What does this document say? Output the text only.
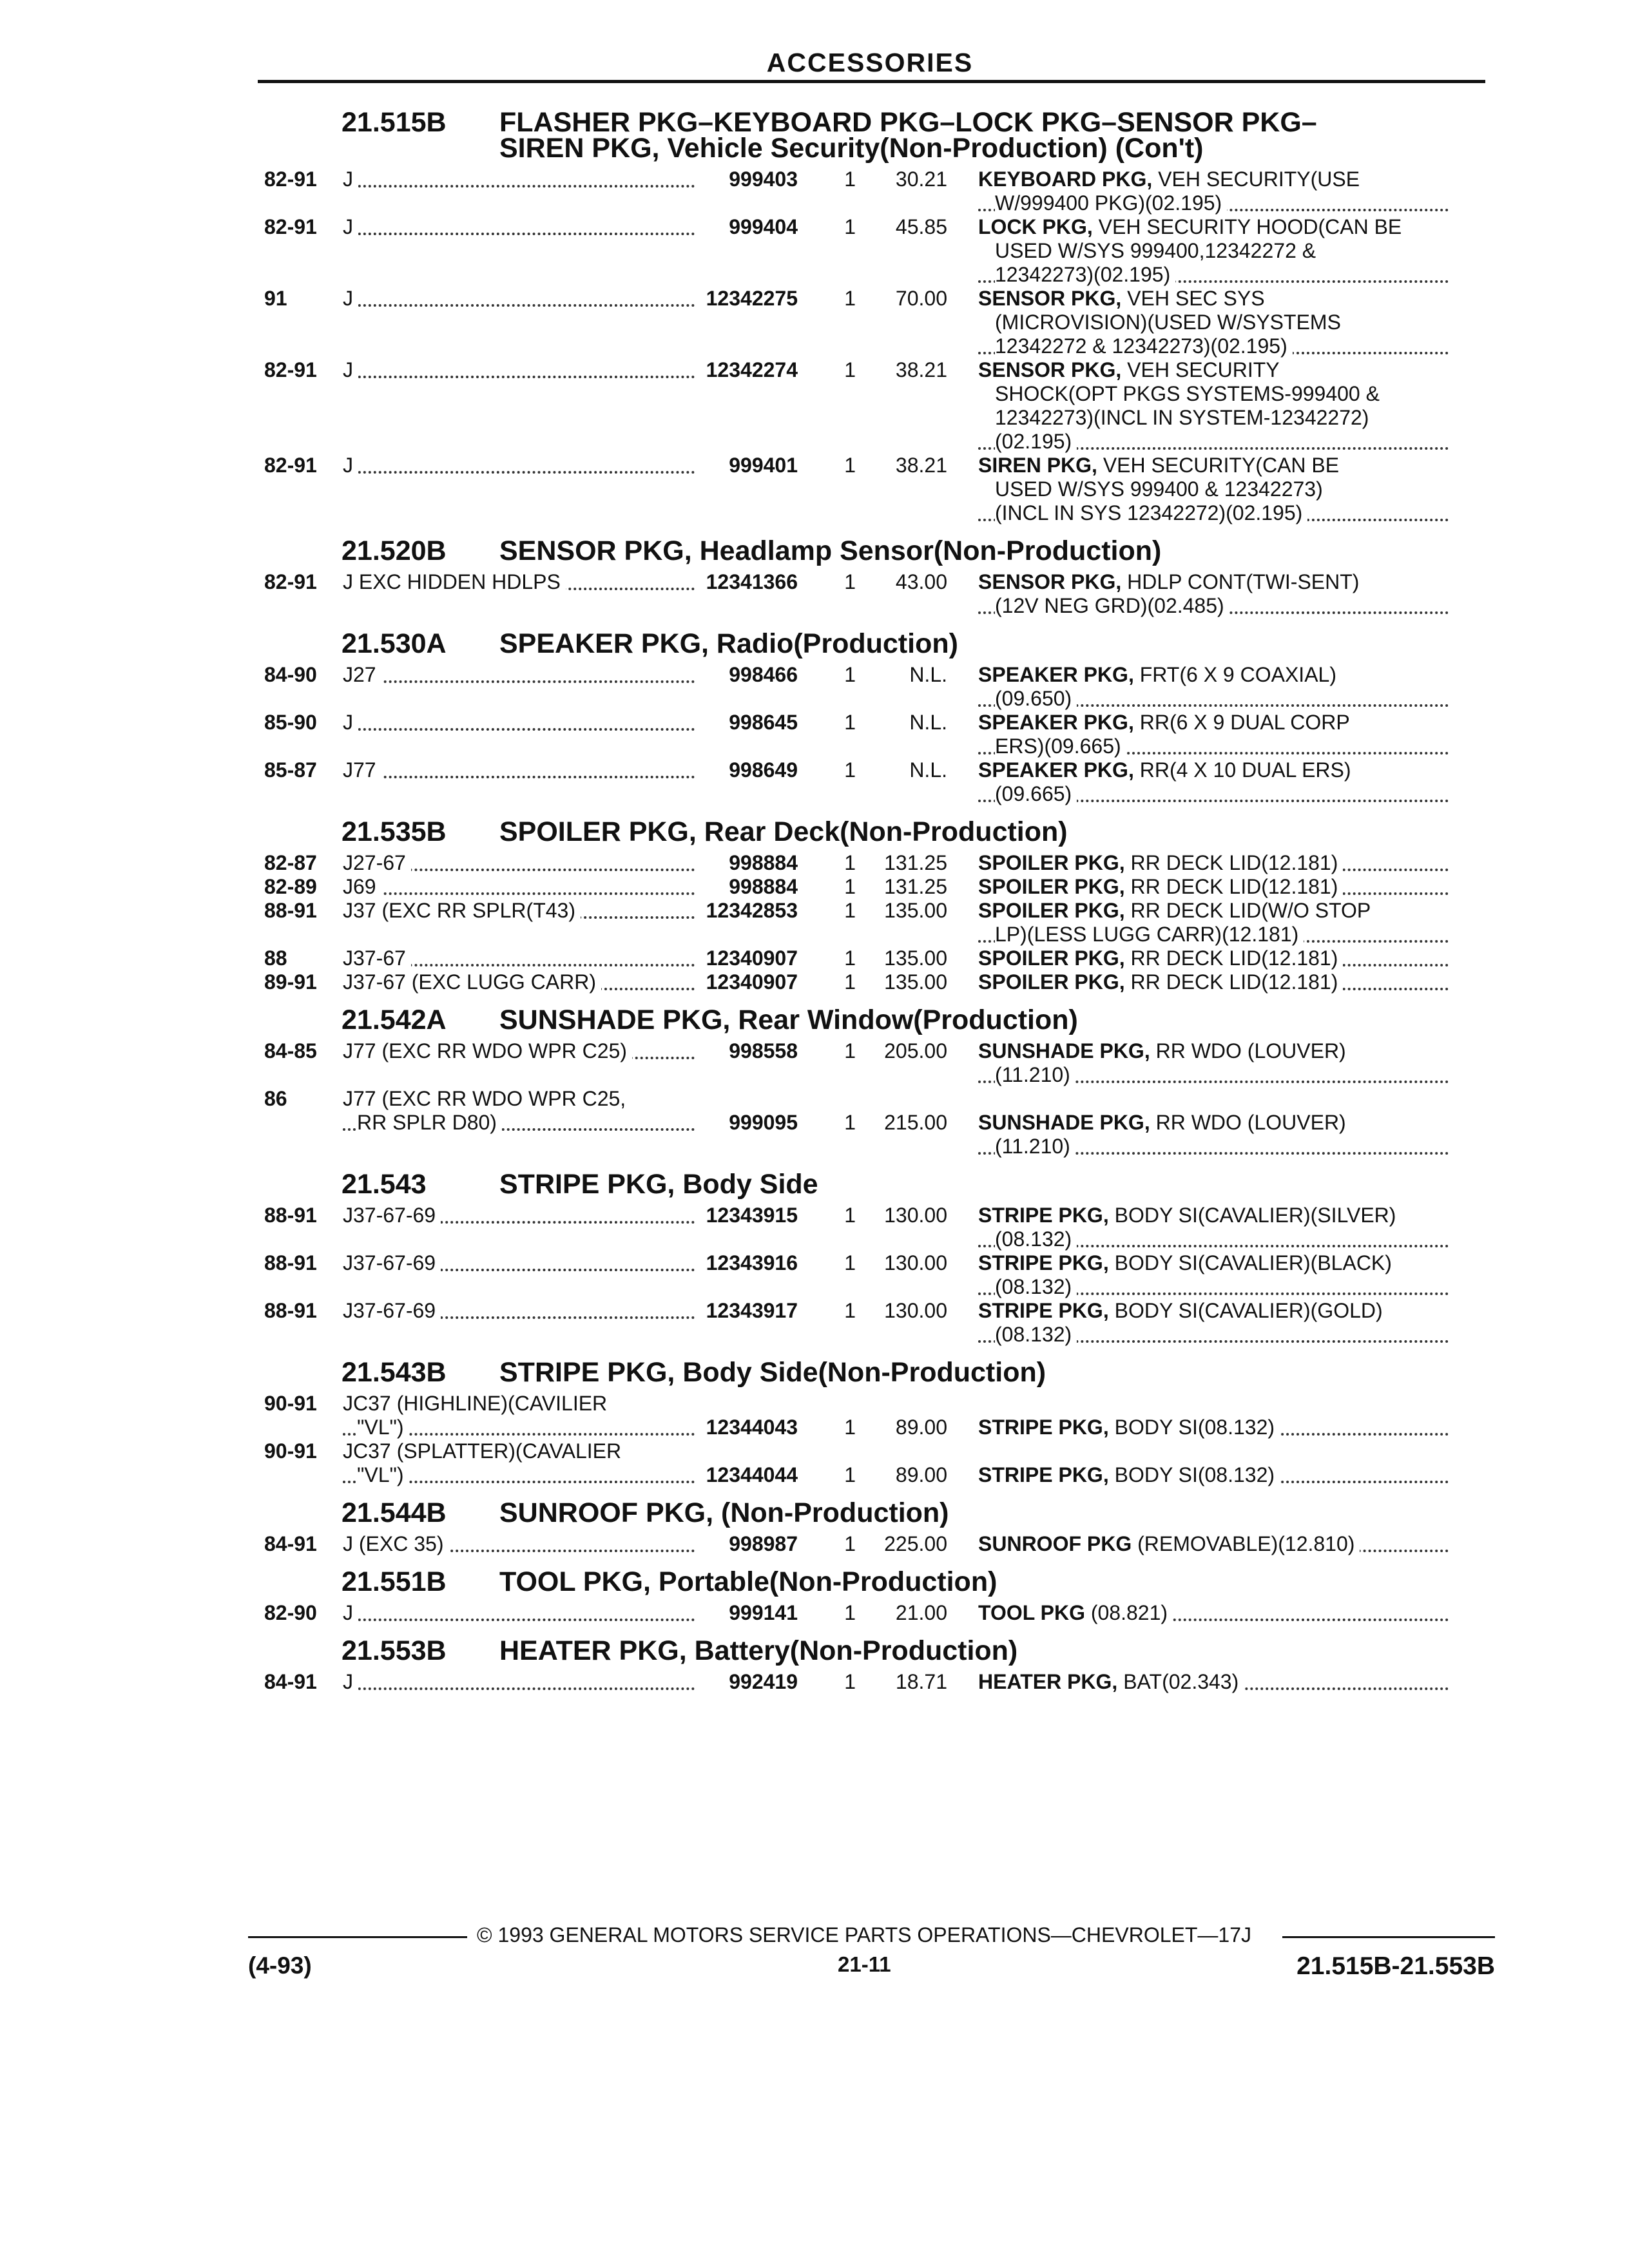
ACCESSORIES
21.515B	FLASHER PKG–KEYBOARD PKG–LOCK PKG–SENSOR PKG–
SIREN PKG, Vehicle Security(Non-Production) (Con't)
82-91	J	999403	1	30.21 KEYBOARD PKG, VEH SECURITY(USE
W/999400 PKG)(02.195)
82-91	J	999404	1	45.85 LOCK PKG, VEH SECURITY HOOD(CAN BE
USED W/SYS 999400,12342272 &
12342273)(02.195)
91	J	12342275	1	70.00 SENSOR PKG, VEH SEC SYS
(MICROVISION)(USED W/SYSTEMS
12342272 & 12342273)(02.195)
82-91	J	12342274	1	38.21 SENSOR PKG, VEH SECURITY
SHOCK(OPT PKGS SYSTEMS-999400 &
12342273)(INCL IN SYSTEM-12342272)
(02.195)
82-91	J	999401	1	38.21 SIREN PKG, VEH SECURITY(CAN BE
USED W/SYS 999400 & 12342273)
(INCL IN SYS 12342272)(02.195)
21.520B	SENSOR PKG, Headlamp Sensor(Non-Production)
82-91	J EXC HIDDEN HDLPS	12341366	1	43.00 SENSOR PKG, HDLP CONT(TWI-SENT)
(12V NEG GRD)(02.485)
21.530A	SPEAKER PKG, Radio(Production)
84-90	J27	998466	1	N.L. SPEAKER PKG, FRT(6 X 9 COAXIAL)
(09.650)
85-90	J	998645	1	N.L. SPEAKER PKG, RR(6 X 9 DUAL CORP
ERS)(09.665)
85-87	J77	998649	1	N.L. SPEAKER PKG, RR(4 X 10 DUAL ERS)
(09.665)
21.535B	SPOILER PKG, Rear Deck(Non-Production)
82-87	J27-67	998884	1	131.25 SPOILER PKG, RR DECK LID(12.181)
82-89	J69	998884	1	131.25 SPOILER PKG, RR DECK LID(12.181)
88-91	J37 (EXC RR SPLR(T43)	12342853	1	135.00 SPOILER PKG, RR DECK LID(W/O STOP
LP)(LESS LUGG CARR)(12.181)
88	J37-67	12340907	1	135.00 SPOILER PKG, RR DECK LID(12.181)
89-91	J37-67 (EXC LUGG CARR)	12340907	1	135.00 SPOILER PKG, RR DECK LID(12.181)
21.542A	SUNSHADE PKG, Rear Window(Production)
84-85	J77 (EXC RR WDO WPR C25)	998558	1	205.00 SUNSHADE PKG, RR WDO (LOUVER)
(11.210)
86	J77 (EXC RR WDO WPR C25,
RR SPLR D80)	999095	1	215.00 SUNSHADE PKG, RR WDO (LOUVER)
(11.210)
21.543	STRIPE PKG, Body Side
88-91	J37-67-69	12343915	1	130.00 STRIPE PKG, BODY SI(CAVALIER)(SILVER)
(08.132)
88-91	J37-67-69	12343916	1	130.00 STRIPE PKG, BODY SI(CAVALIER)(BLACK)
(08.132)
88-91	J37-67-69	12343917	1	130.00 STRIPE PKG, BODY SI(CAVALIER)(GOLD)
(08.132)
21.543B	STRIPE PKG, Body Side(Non-Production)
90-91	JC37 (HIGHLINE)(CAVILIER
"VL")	12344043	1	89.00 STRIPE PKG, BODY SI(08.132)
90-91	JC37 (SPLATTER)(CAVALIER
"VL")	12344044	1	89.00 STRIPE PKG, BODY SI(08.132)
21.544B	SUNROOF PKG, (Non-Production)
84-91	J (EXC 35)	998987	1	225.00 SUNROOF PKG (REMOVABLE)(12.810)
21.551B	TOOL PKG, Portable(Non-Production)
82-90	J	999141	1	21.00 TOOL PKG (08.821)
21.553B	HEATER PKG, Battery(Non-Production)
84-91	J	992419	1	18.71 HEATER PKG, BAT(02.343)
© 1993 GENERAL MOTORS SERVICE PARTS OPERATIONS—CHEVROLET—17J
(4-93)	21-11	21.515B-21.553B
